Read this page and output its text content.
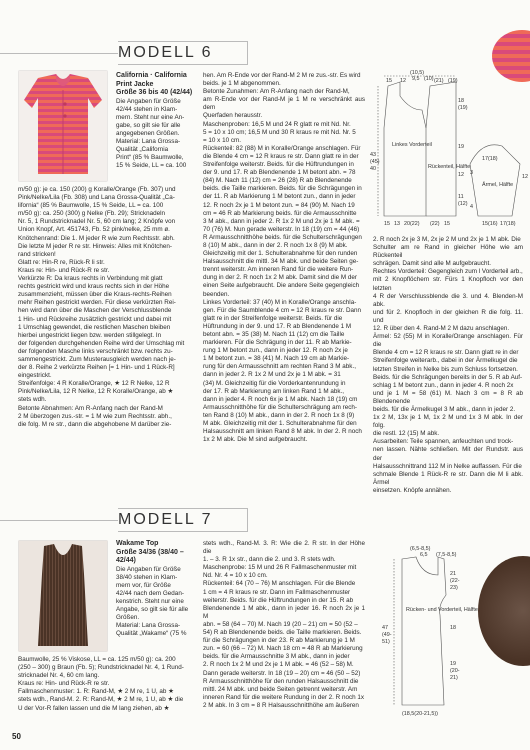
MODELL 6

California · California

Print Jacke

Größe 36 bis 40 (42/44)

Die Angaben für Größe

42/44 stehen in Klam-

mern. Steht nur eine An-

gabe, so gilt sie für alle

angegebenen Größen.

Material: Lana Grossa-

Qualität „California

Print“ (85 % Baumwolle,

15 % Seide, LL = ca. 100

m/50 g): je ca. 150 (200) g Koralle/Orange (Fb. 307) und

Pink/Nelke/Lila (Fb. 308) und Lana Grossa-Qualität „Ca-

lifornia“ (85 % Baumwolle, 15 % Seide, LL = ca. 100

m/50 g): ca. 250 (300) g Nelke (Fb. 29); Stricknadeln

Nr. 5, 1 Rundstricknadel Nr. 5, 60 cm lang; 2 Knöpfe von

Union Knopf, Art. 451743, Fb. 52 pink/nelke, 25 mm ø.

Knötchenrand: Die 1. M jeder R wie zum Rechtsstr. abh.

Die letzte M jeder R re str. Hinweis: Alles mit Knötchen-

rand stricken!

Glatt re: Hin-R re, Rück-R li str.

Kraus re: Hin- und Rück-R re str.

Verkürzte R: Da kraus rechts in Verbindung mit glatt

rechts gestrickt wird und kraus rechts sich in der Höhe

zusammenzieht, müssen über die Kraus-rechts-Reihen

mehr Reihen gestrickt werden. Für diese verkürzten Rei-

hen wird dann über die Maschen der Verschlussblende

1 Hin- und Rückreihe zusätzlich gestrickt und dabei mit

1 Umschlag gewendet, die restlichen Maschen bleiben

hierbei ungestrickt liegen bzw. werden stillgelegt. In

der folgenden durchgehenden Reihe wird der Umschlag mit

der folgenden Masche links verschränkt bzw. rechts zu-

sammengestrickt. Zum Musterausgleich werden nach je-

der 8. Reihe 2 verkürzte Reihen [= 1 Hin- und 1 Rück-R]

eingestrickt.

Streifenfolge: 4 R Koralle/Orange, ★ 12 R Nelke, 12 R

Pink/Nelke/Lila, 12 R Nelke, 12 R Koralle/Orange, ab ★

stets wdh.

Betonte Abnahmen: Am R-Anfang nach der Rand-M

2 M überzogen zus.-str. = 1 M wie zum Rechtsstr. abh.,

die folg. M re str., dann die abgehobene M darüber zie-

hen. Am R-Ende vor der Rand-M 2 M re zus.-str. Es wird

beids. je 1 M abgenommen.

Betonte Zunahmen: Am R-Anfang nach der Rand-M,

am R-Ende vor der Rand-M je 1 M re verschränkt aus dem

Querfaden herausstr.

Maschenproben: 16,5 M und 24 R glatt re mit Nd. Nr.

5 = 10 x 10 cm; 16,5 M und 30 R kraus re mit Nd. Nr. 5

= 10 x 10 cm.

Rückenteil: 82 (88) M in Koralle/Orange anschlagen. Für

die Blende 4 cm = 12 R kraus re str. Dann glatt re in der

Streifenfolge weiterstr. Beids. für die Hüftrundungen in

der 9. und 17. R ab Blendenende 1 M betont abn. = 78

(84) M. Nach 11 (12) cm = 26 (28) R ab Blendenende

beids. die Taille markieren. Beids. für die Schrägungen in

der 11. R ab Markierung 1 M betont zun., dann in jeder

12. R noch 2x je 1 M betont zun. = 84 (90) M. Nach 19

cm = 46 R ab Markierung beids. für die Armausschnitte

3 M abk., dann in jeder 2. R 1x 2 M und 2x je 1 M abk. =

70 (76) M. Nun gerade weiterstr. In 18 (19) cm = 44 (46)

R Armausschnitthöhe beids. für die Schulterschrägungen

8 (10) M abk., dann in der 2. R noch 1x 8 (9) M abk.

Gleichzeitig mit der 1. Schulterabnahme für den runden

Halsausschnitt die mittl. 34 M abk. und beide Seiten ge-

trennt weiterstr. Am inneren Rand für die weitere Run-

dung in der 2. R noch 1x 2 M abk. Damit sind die M der

einen Seite aufgebraucht. Die andere Seite gegengleich

beenden.

Linkes Vorderteil: 37 (40) M in Koralle/Orange anschla-

gen. Für die Saumblende 4 cm = 12 R kraus re str. Dann

glatt re in der Streifenfolge weiterstr. Beids. für die

Hüftrundung in der 9. und 17. R ab Blendenende 1 M

betont abn. = 35 (38) M. Nach 11 (12) cm die Taille

markieren. Für die Schrägung in der 11. R ab Markie-

rung 1 M betont zun., dann in jeder 12. R noch 2x je

1 M betont zun. = 38 (41) M. Nach 19 cm ab Markie-

rung für den Armausschnitt am rechten Rand 3 M abk.,

dann in jeder 2. R 1x 2 M und 2x je 1 M abk. = 31

(34) M. Gleichzeitig für die Vorderkantenrundung in

der 17. R ab Markierung am linken Rand 1 M abk.,

dann in jeder 4. R noch 6x je 1 M abk. Nach 18 (19) cm

Armausschnitthöhe für die Schulterschrägung am rech-

ten Rand 8 (10) M abk., dann in der 2. R noch 1x 8 (9)

M abk. Gleichzeitig mit der 1. Schulterabnahme für den

Halsausschnitt am linken Rand 8 M abk. In der 2. R noch

1x 2 M abk. Die M sind aufgebraucht.

2. R noch 2x je 3 M, 2x je 2 M und 2x je 1 M abk. Die

Schulter am re Rand in gleicher Höhe wie am Rückenteil

schrägen. Damit sind alle M aufgebraucht.

Rechtes Vorderteil: Gegengleich zum l Vorderteil arb.,

mit 2 Knopflöchern str. Fürs 1 Knopfloch vor den letzten

4 R der Verschlussblende die 3. und 4. Blenden-M abk.

und für 2. Knopfloch in der gleichen R die folg. 11. und

12. R über den 4. Rand-M 2 M dazu anschlagen.

Ärmel: 52 (55) M in Koralle/Orange anschlagen. Für die

Blende 4 cm = 12 R kraus re str. Dann glatt re in der

Streifenfolge weiterarb., dabei in der Ärmelkugel die

letzten Streifen in Nelke bis zum Schluss fortsetzen.

Beids. für die Schrägungen bereits in der 5. R ab Auf-

schlag 1 M betont zun., dann in jeder 4. R noch 2x

und je 1 M = 58 (61) M. Nach 3 cm = 8 R ab Blendenende

beids. für die Ärmelkugel 3 M abk., dann in jeder 2.

1x 2 M, 13x je 1 M, 1x 2 M und 1x 3 M abk. In der folg.

die restl. 12 (15) M abk.

Ausarbeiten: Teile spannen, anfeuchten und trock-

nen lassen. Nähte schließen. Mit der Rundstr. aus der

Halsausschnittrand 112 M in Nelke auffassen. Für die

schmale Blende 1 Rück-R re str. Dann die M li abk. Ärmel

einsetzen. Knöpfe annähen.

(10,5)
9,5 (10)
15 12	(21) (19)
18
(19)
19
12
11
(12)
43
(45)
40
15 13 20(22) (22) 15
Linkes Vorderteil
Rückenteil, Hälfte
Ärmel, Hälfte
17(18)
12
3
4
15(16) 17(18)
MODELL 7

Wakame Top

Größe 34/36 (38/40 –

42/44)

Die Angaben für Größe

38/40 stehen in Klam-

mern vor, für Größe

42/44 nach dem Gedan-

kenstrich. Steht nur eine

Angabe, so gilt sie für alle

Größen.

Material: Lana Grossa-

Qualität „Wakame“ (75 %

Baumwolle, 25 % Viskose, LL = ca. 125 m/50 g): ca. 200

(250 – 300) g Braun (Fb. 5); Rundstricknadel Nr. 4, 1 Rund-

stricknadel Nr. 4, 60 cm lang.

Kraus re: Hin- und Rück-R re str.

Fallmaschenmuster: 1. R: Rand-M, ★ 2 M re, 1 U, ab ★

stets wdh., Rand-M. 2. R: Rand-M, ★ 2 M re, 1 U, ab ★ die

U der Vor-R fallen lassen und die M lang ziehen, ab ★

stets wdh., Rand-M. 3. R: Wie die 2. R str. In der Höhe die

1. – 3. R 1x str., dann die 2. und 3. R stets wdh.

Maschenprobe: 15 M und 26 R Fallmaschenmuster mit

Nd. Nr. 4 = 10 x 10 cm.

Rückenteil: 64 (70 – 76) M anschlagen. Für die Blende

1 cm = 4 R kraus re str. Dann im Fallmaschenmuster

weiterstr. Beids. für die Hüftrundungen in der 15. R ab

Blendenende 1 M abk., dann in jeder 16. R noch 2x je 1 M

abn. = 58 (64 – 70) M. Nach 19 (20 – 21) cm = 50 (52 –

54) R ab Blendenende beids. die Taille markieren. Beids.

für die Schrägungen in der 23. R ab Markierung je 1 M

zun. = 60 (66 – 72) M. Nach 18 cm = 48 R ab Markierung

beids. für die Armausschnitte 3 M abk., dann in jeder

2. R noch 1x 2 M und 2x je 1 M abk. = 46 (52 – 58) M.

Dann gerade weiterstr. In 18 (19 – 20) cm = 46 (50 – 52)

R Armausschnitthöhe für den runden Halsausschnitt die

mittl. 24 M abk. und beide Seiten getrennt weiterstr. Am

inneren Rand für die weitere Rundung in der 2. R noch 1x

2 M abk. In 3 cm = 8 R Halsausschnitthöhe am äußeren

(6,5-8,5)
6,5 (7,5-8,5)
21
(22-
23)
18
19
(20-
21)
47
(49-
51)
Rücken- und Vorderteil, Hälfte
(18,5(20-21,5))
50
